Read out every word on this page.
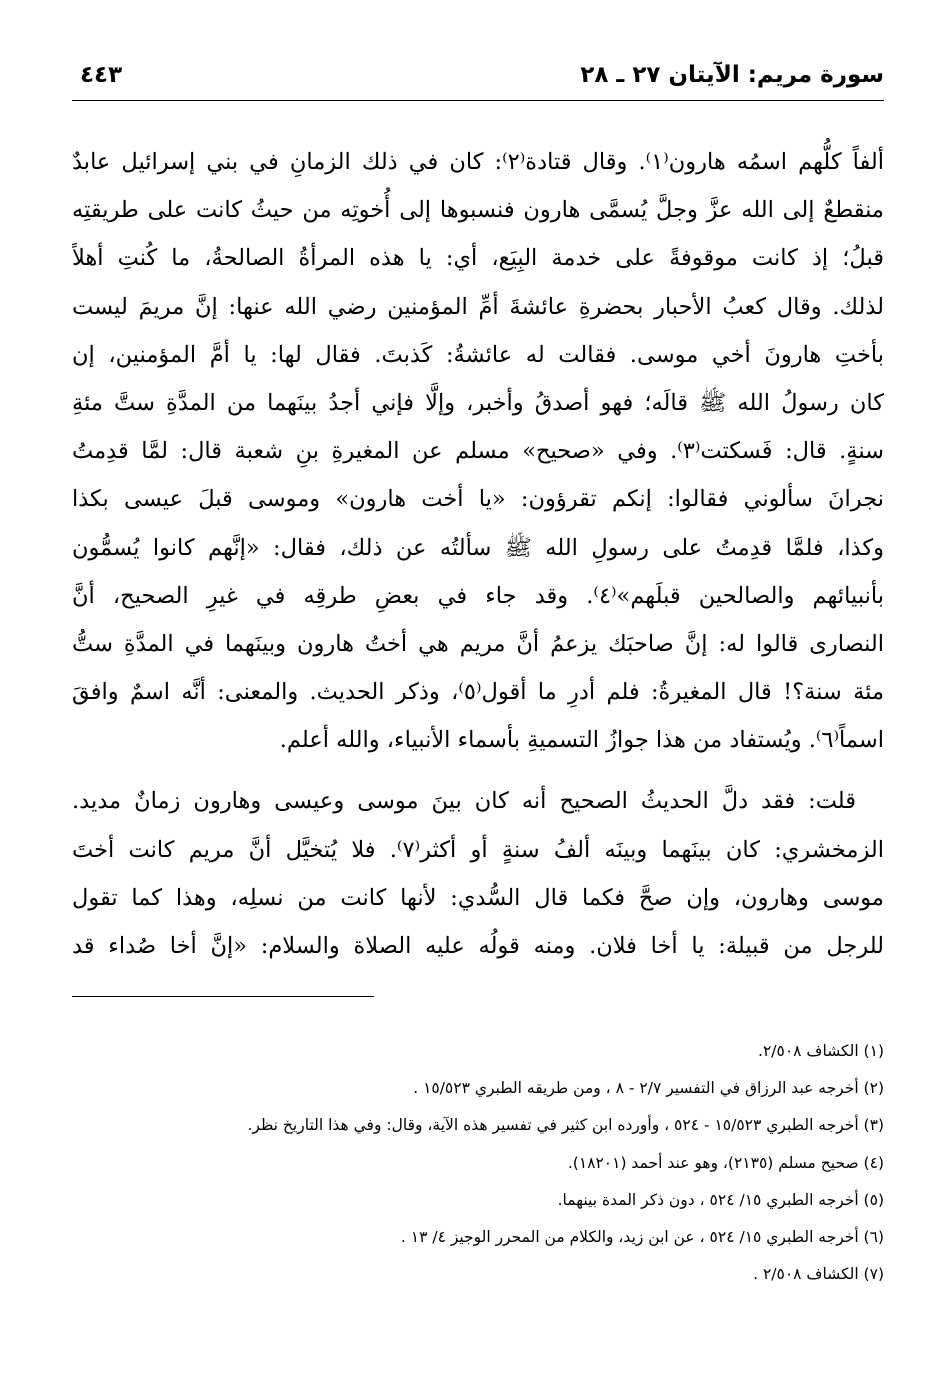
سورة مريم: الآيتان ٢٧ ـ ٢٨
٤٤٣
ألفاً كلُّهم اسمُه هارون⁽١⁾. وقال قتادة⁽٢⁾: كان في ذلك الزمانِ في بني إسرائيل عابدٌ
منقطعٌ إلى الله عزَّ وجلَّ يُسمَّى هارون فنسبوها إلى أُخوتِه من حيثُ كانت على طريقتِه
قبلُ؛ إذ كانت موقوفةً على خدمة البِيَع، أي: يا هذه المرأةُ الصالحةُ، ما كُنتِ أهلاً
لذلك. وقال كعبُ الأحبار بحضرةِ عائشةَ أمِّ المؤمنين رضي الله عنها: إنَّ مريمَ ليست
بأختِ هارونَ أخي موسى. فقالت له عائشةُ: كَذبتَ. فقال لها: يا أمَّ المؤمنين، إن
كان رسولُ الله ﷺ قالَه؛ فهو أصدقُ وأخبر، وإلَّا فإني أجدُ بينَهما من المدَّةِ ستَّ مئةِ
سنةٍ. قال: فَسكتت⁽٣⁾. وفي «صحيح» مسلم عن المغيرةِ بنِ شعبة قال: لمَّا قدِمتُ
نجرانَ سألوني فقالوا: إنكم تقرؤون: «يا أخت هارون» وموسى قبلَ عيسى بكذا
وكذا، فلمَّا قدِمتُ على رسولِ الله ﷺ سألتُه عن ذلك، فقال: «إنَّهم كانوا يُسمُّون
بأنبيائهم والصالحين قبلَهم»⁽٤⁾. وقد جاء في بعضِ طرقِه في غيرِ الصحيح، أنَّ
النصارى قالوا له: إنَّ صاحبَك يزعمُ أنَّ مريم هي أختُ هارون وبينَهما في المدَّةِ ستُّ
مئة سنة؟! قال المغيرةُ: فلم أدرِ ما أقول⁽٥⁾، وذكر الحديث. والمعنى: أنَّه اسمٌ وافقَ
اسماً⁽٦⁾. ويُستفاد من هذا جوازُ التسميةِ بأسماء الأنبياء، والله أعلم.
قلت: فقد دلَّ الحديثُ الصحيح أنه كان بينَ موسى وعيسى وهارون زمانٌ مديد.
الزمخشري: كان بينَهما وبينَه ألفُ سنةٍ أو أكثر⁽٧⁾. فلا يُتخيَّل أنَّ مريم كانت أختَ
موسى وهارون، وإن صحَّ فكما قال السُّدي: لأنها كانت من نسلِه، وهذا كما تقول
للرجل من قبيلة: يا أخا فلان. ومنه قولُه عليه الصلاة والسلام: «إنَّ أخا صُداء قد
(١) الكشاف ٢/٥٠٨.
(٢) أخرجه عبد الرزاق في التفسير ٢/٧ - ٨ ، ومن طريقه الطبري ١٥/٥٢٣ .
(٣) أخرجه الطبري ١٥/٥٢٣ - ٥٢٤ ، وأورده ابن كثير في تفسير هذه الآية، وقال: وفي هذا التاريخ نظر.
(٤) صحيح مسلم (٢١٣٥)، وهو عند أحمد (١٨٢٠١).
(٥) أخرجه الطبري ١٥/ ٥٢٤ ، دون ذكر المدة بينهما.
(٦) أخرجه الطبري ١٥/ ٥٢٤ ، عن ابن زيد، والكلام من المحرر الوجيز ٤/ ١٣ .
(٧) الكشاف ٢/٥٠٨ .
